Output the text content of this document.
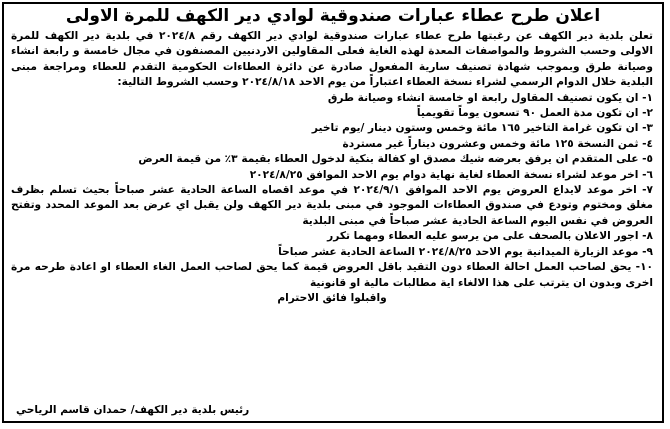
اعلان طرح عطاء عبارات صندوقية لوادي دير الكهف للمرة الاولى

تعلن بلدية دير الكهف عن رغبتها طرح عطاء عبارات صندوقية لوادي دير الكهف رقم ٢٠٢٤/٨ في بلدية دير الكهف للمرة الاولى وحسب الشروط والمواصفات المعدة لهذه الغاية فعلى المقاولين الاردنيين المصنفون في مجال خامسة و رابعة انشاء وصيانة طرق وبموجب شهادة تصنيف سارية المفعول صادرة عن دائرة العطاءات الحكومية التقدم للعطاء ومراجعة مبنى البلدية خلال الدوام الرسمي لشراء نسخة العطاء اعتباراً من يوم الاحد ٢٠٢٤/٨/١٨ وحسب الشروط التالية:

١- ان يكون تصنيف المقاول رابعة او خامسة انشاء وصيانة طرق
٢- ان تكون مدة العمل ٩٠ تسعون يوماً تقويمياً
٣- ان تكون غرامة التاخير ١٦٥ مائة وخمس وستون دينار /يوم تاخير
٤- ثمن النسخة ١٢٥ مائة وخمس وعشرون ديناراً غير مستردة
٥- على المتقدم ان يرفق بعرضه شيك مصدق او كفالة بنكية لدخول العطاء بقيمة ٣٪ من قيمة العرض
٦- اخر موعد لشراء نسخة العطاء لغاية نهاية دوام يوم الاحد الموافق ٢٠٢٤/٨/٢٥
٧- اخر موعد لايداع العروض يوم الاحد الموافق ٢٠٢٤/٩/١ في موعد اقصاه الساعة الحادية عشر صباحاً بحيث تسلم بظرف مغلق ومختوم وتودع في صندوق العطاءات الموجود في مبنى بلدية دير الكهف ولن يقبل اي عرض بعد الموعد المحدد وتفتح العروض في نفس اليوم الساعة الحادية عشر صباحاً في مبنى البلدية
٨- اجور الاعلان بالصحف على من يرسو عليه العطاء ومهما تكرر
٩- موعد الزيارة الميدانية يوم الاحد ٢٠٢٤/٨/٢٥ الساعة الحادية عشر صباحاً
١٠- يحق لصاحب العمل احالة العطاء دون التقيد باقل العروض قيمة كما يحق لصاحب العمل الغاء العطاء او اعادة طرحه مرة اخرى وبدون ان يترتب على هذا الالغاء اية مطالبات مالية او قانونية

واقبلوا فائق الاحترام

رئيس بلدية دير الكهف/ حمدان قاسم الرياحي
